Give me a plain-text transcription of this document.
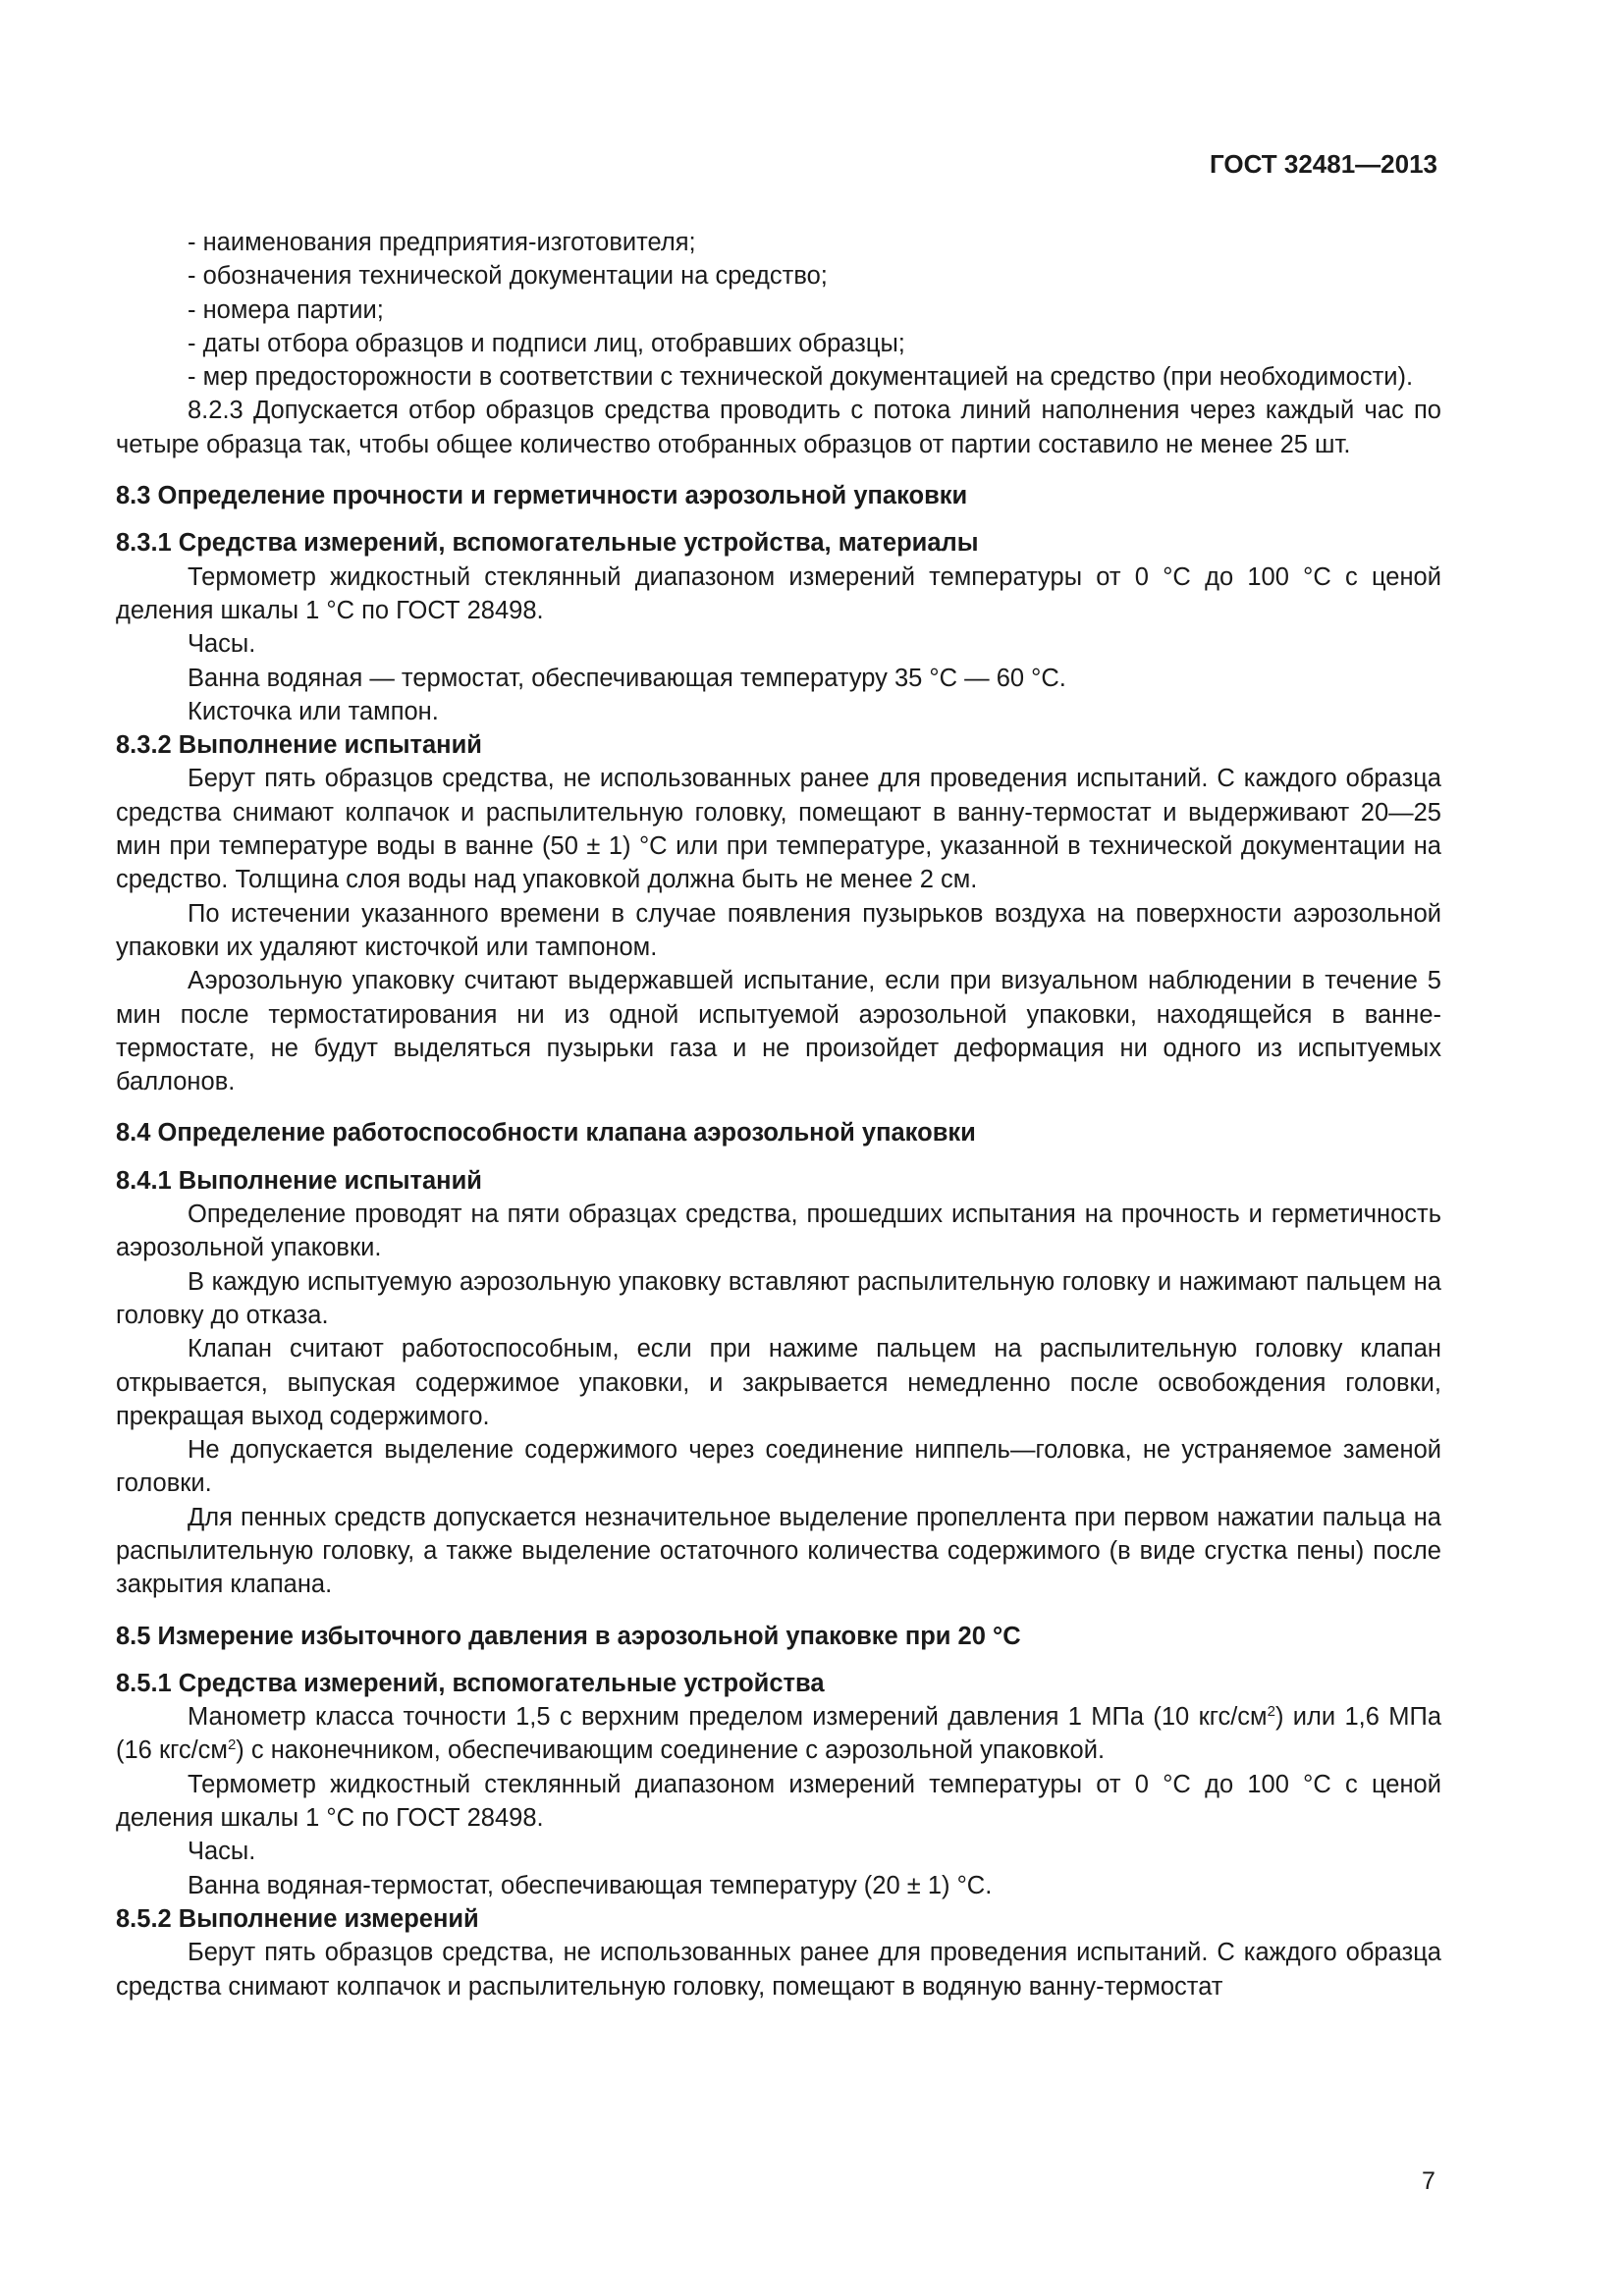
ГОСТ 32481—2013

- наименования предприятия-изготовителя;

- обозначения технической документации на средство;

- номера партии;

- даты отбора образцов и подписи лиц, отобравших образцы;

- мер предосторожности в соответствии с технической документацией на средство (при необходимости).

8.2.3 Допускается отбор образцов средства проводить с потока линий наполнения через каждый час по четыре образца так, чтобы общее количество отобранных образцов от партии составило не менее 25 шт.

8.3 Определение прочности и герметичности аэрозольной упаковки

8.3.1 Средства измерений, вспомогательные устройства, материалы

Термометр жидкостный стеклянный диапазоном измерений температуры от 0 °С до 100 °С с ценой деления шкалы 1 °С по ГОСТ 28498.

Часы.

Ванна водяная — термостат, обеспечивающая температуру 35 °С — 60 °С.

Кисточка или тампон.

8.3.2 Выполнение испытаний

Берут пять образцов средства, не использованных ранее для проведения испытаний. С каждого образца средства снимают колпачок и распылительную головку, помещают в ванну-термостат и выдерживают 20—25 мин при температуре воды в ванне (50 ± 1) °С или при температуре, указанной в технической документации на средство. Толщина слоя воды над упаковкой должна быть не менее 2 см.

По истечении указанного времени в случае появления пузырьков воздуха на поверхности аэрозольной упаковки их удаляют кисточкой или тампоном.

Аэрозольную упаковку считают выдержавшей испытание, если при визуальном наблюдении в течение 5 мин после термостатирования ни из одной испытуемой аэрозольной упаковки, находящейся в ванне-термостате, не будут выделяться пузырьки газа и не произойдет деформация ни одного из испытуемых баллонов.

8.4 Определение работоспособности клапана аэрозольной упаковки

8.4.1 Выполнение испытаний

Определение проводят на пяти образцах средства, прошедших испытания на прочность и герметичность аэрозольной упаковки.

В каждую испытуемую аэрозольную упаковку вставляют распылительную головку и нажимают пальцем на головку до отказа.

Клапан считают работоспособным, если при нажиме пальцем на распылительную головку клапан открывается, выпуская содержимое упаковки, и закрывается немедленно после освобождения головки, прекращая выход содержимого.

Не допускается выделение содержимого через соединение ниппель—головка, не устраняемое заменой головки.

Для пенных средств допускается незначительное выделение пропеллента при первом нажатии пальца на распылительную головку, а также выделение остаточного количества содержимого (в виде сгустка пены) после закрытия клапана.

8.5 Измерение избыточного давления в аэрозольной упаковке при 20 °С

8.5.1 Средства измерений, вспомогательные устройства

Манометр класса точности 1,5 с верхним пределом измерений давления 1 МПа (10 кгс/$см^2$) или 1,6 МПа (16 кгс/$см^2$) с наконечником, обеспечивающим соединение с аэрозольной упаковкой.

Термометр жидкостный стеклянный диапазоном измерений температуры от 0 °С до 100 °С с ценой деления шкалы 1 °С по ГОСТ 28498.

Часы.

Ванна водяная-термостат, обеспечивающая температуру (20 ± 1) °С.

8.5.2 Выполнение измерений

Берут пять образцов средства, не использованных ранее для проведения испытаний. С каждого образца средства снимают колпачок и распылительную головку, помещают в водяную ванну-термостат

7
